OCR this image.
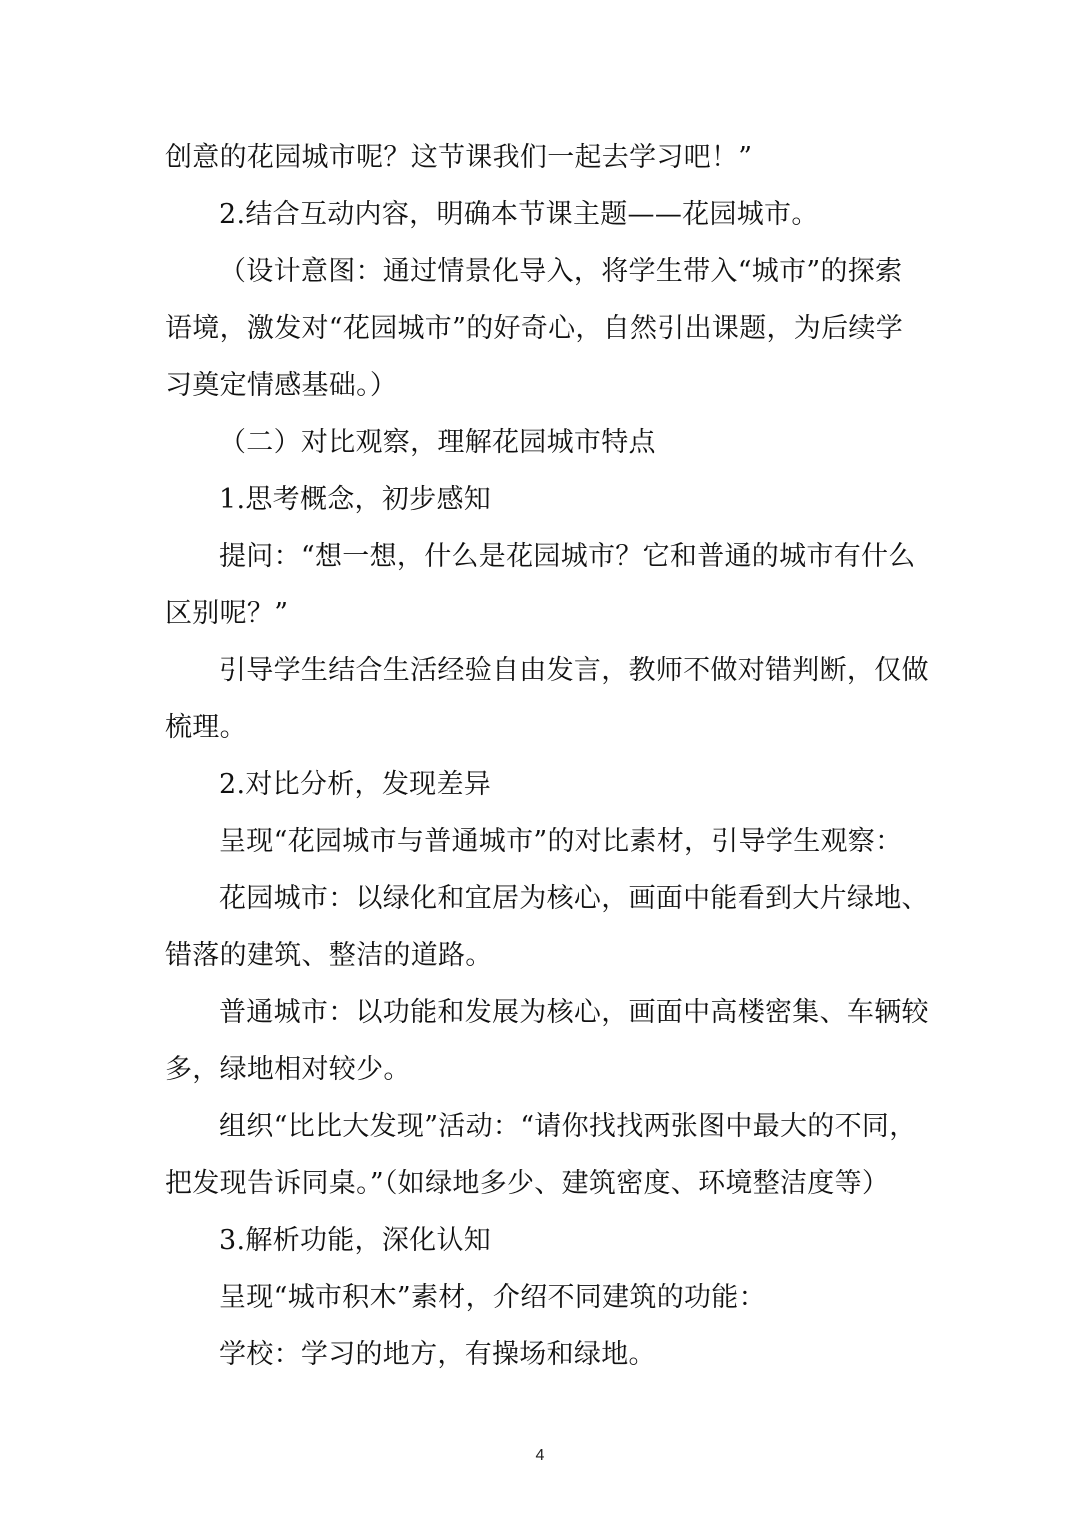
创意的花园城市呢？这节课我们一起去学习吧！”
2.结合互动内容，明确本节课主题——花园城市。
（设计意图：通过情景化导入，将学生带入“城市”的探索
语境，激发对“花园城市”的好奇心，自然引出课题，为后续学
习奠定情感基础。）
（二）对比观察，理解花园城市特点
1.思考概念，初步感知
提问：“想一想，什么是花园城市？它和普通的城市有什么
区别呢？”
引导学生结合生活经验自由发言，教师不做对错判断，仅做
梳理。
2.对比分析，发现差异
呈现“花园城市与普通城市”的对比素材，引导学生观察：
花园城市：以绿化和宜居为核心，画面中能看到大片绿地、
错落的建筑、整洁的道路。
普通城市：以功能和发展为核心，画面中高楼密集、车辆较
多，绿地相对较少。
组织“比比大发现”活动：“请你找找两张图中最大的不同，
把发现告诉同桌。”（如绿地多少、建筑密度、环境整洁度等）
3.解析功能，深化认知
呈现“城市积木”素材，介绍不同建筑的功能：
学校：学习的地方，有操场和绿地。
4
